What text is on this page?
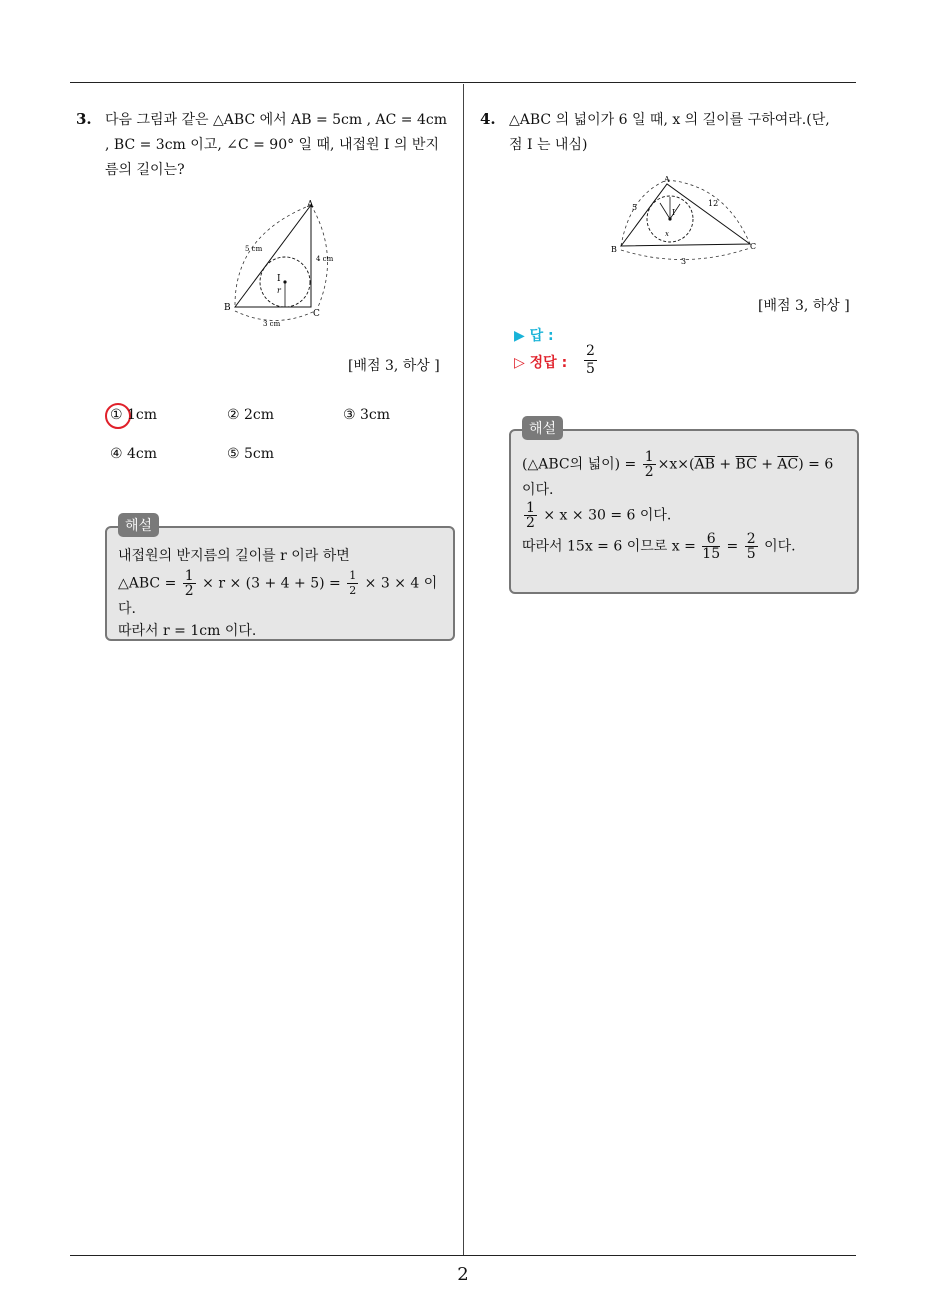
2
3. 다음 그림과 같은 △ABC 에서 AB = 5cm , AC = 4cm
, BC = 3cm 이고, ∠C = 90° 일 때, 내접원 I 의 반지
름의 길이는?
A
B
C
I
r
5 cm
4 cm
3 cm
[배점 3, 하상 ]
① 1cm	② 2cm	③ 3cm
④ 4cm	⑤ 5cm
해설
내접원의 반지름의 길이를 r 이라 하면
△ABC = $\frac{1}{2} \times r \times (3 + 4 + 5) = \frac{1}{2} \times 3 \times 4$ 이다.
따라서 r = 1cm 이다.
4. △ABC 의 넓이가 6 일 때, x 의 길이를 구하여라.(단,
점 I 는 내심)
A
B	C
I
x
5	12
3
[배점 3, 하상 ]
▶ 답 :
▷ 정답 : $\frac{2}{5}$
해설
(△ABC의 넓이) = $\frac{1}{2} \times x\times(\overline{AB} + \overline{BC} + \overline{AC}) = 6$
이다.
$\frac{1}{2} \times x \times 30 = 6$ 이다.
따라서 15x = 6 이므로 $x = \frac{6}{15} = \frac{2}{5}$ 이다.
